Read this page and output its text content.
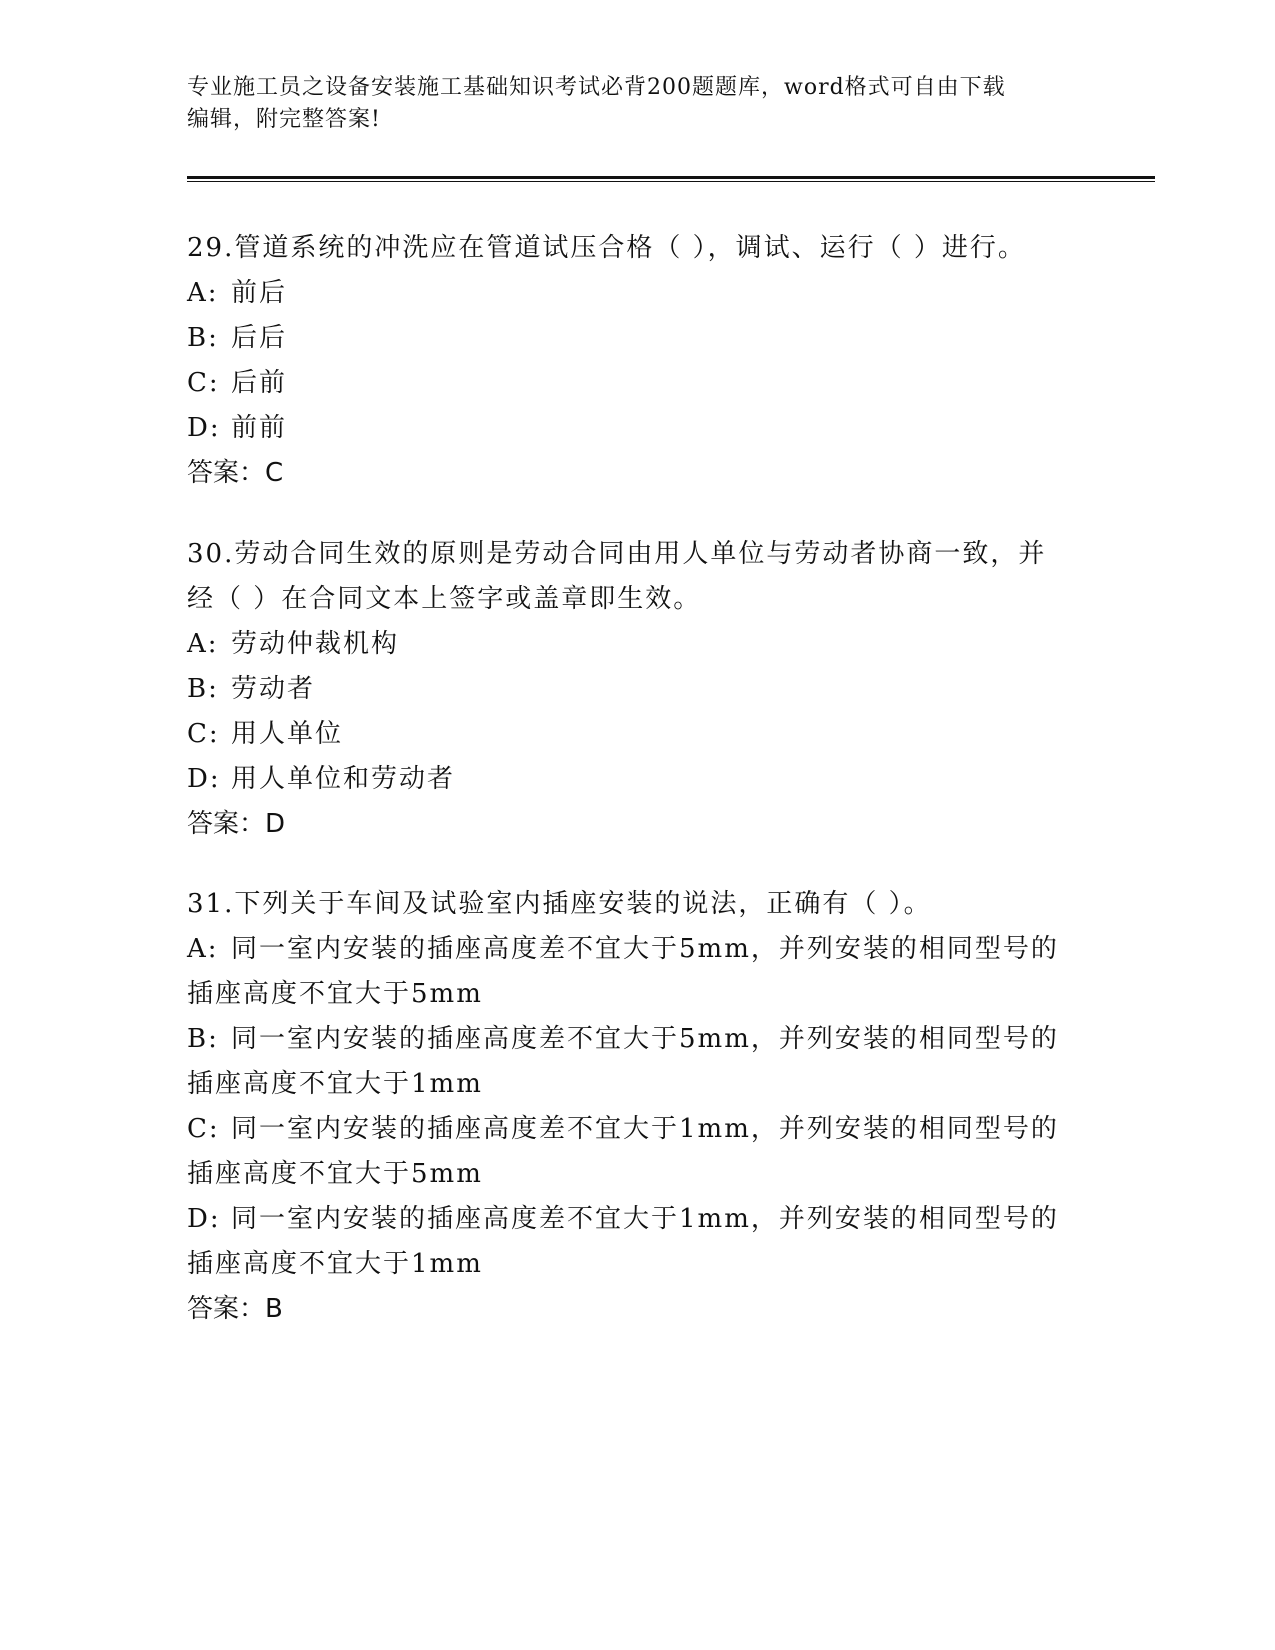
专业施工员之设备安装施工基础知识考试必背200题题库，word格式可自由下载
编辑，附完整答案!
29.管道系统的冲洗应在管道试压合格（ ），调试、运行（ ）进行。
A: 前后
B: 后后
C: 后前
D: 前前
答案：C
30.劳动合同生效的原则是劳动合同由用人单位与劳动者协商一致，并
经（ ）在合同文本上签字或盖章即生效。
A: 劳动仲裁机构
B: 劳动者
C: 用人单位
D: 用人单位和劳动者
答案：D
31.下列关于车间及试验室内插座安装的说法，正确有（ ）。
A: 同一室内安装的插座高度差不宜大于5mm，并列安装的相同型号的
插座高度不宜大于5mm
B: 同一室内安装的插座高度差不宜大于5mm，并列安装的相同型号的
插座高度不宜大于1mm
C: 同一室内安装的插座高度差不宜大于1mm，并列安装的相同型号的
插座高度不宜大于5mm
D: 同一室内安装的插座高度差不宜大于1mm，并列安装的相同型号的
插座高度不宜大于1mm
答案：B
